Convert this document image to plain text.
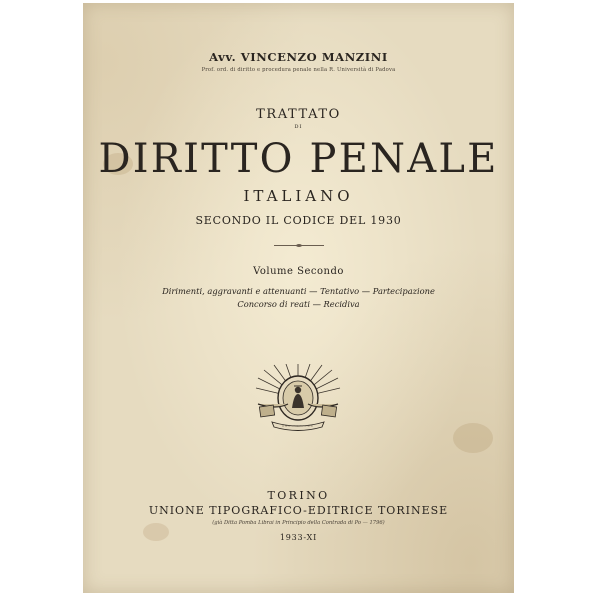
Avv. VINCENZO MANZINI
Prof. ord. di diritto e procedura penale nella R. Università di Padova
TRATTATO
DI
DIRITTO PENALE
ITALIANO
SECONDO IL CODICE DEL 1930
Volume Secondo
Dirimenti, aggravanti e attenuanti — Tentativo — Partecipazione
Concorso di reati — Recidiva
TORINO
UNIONE TIPOGRAFICO-EDITRICE TORINESE
(già Ditta Pomba Librai in Principio della Contrada di Po — 1796)
1933-XI
